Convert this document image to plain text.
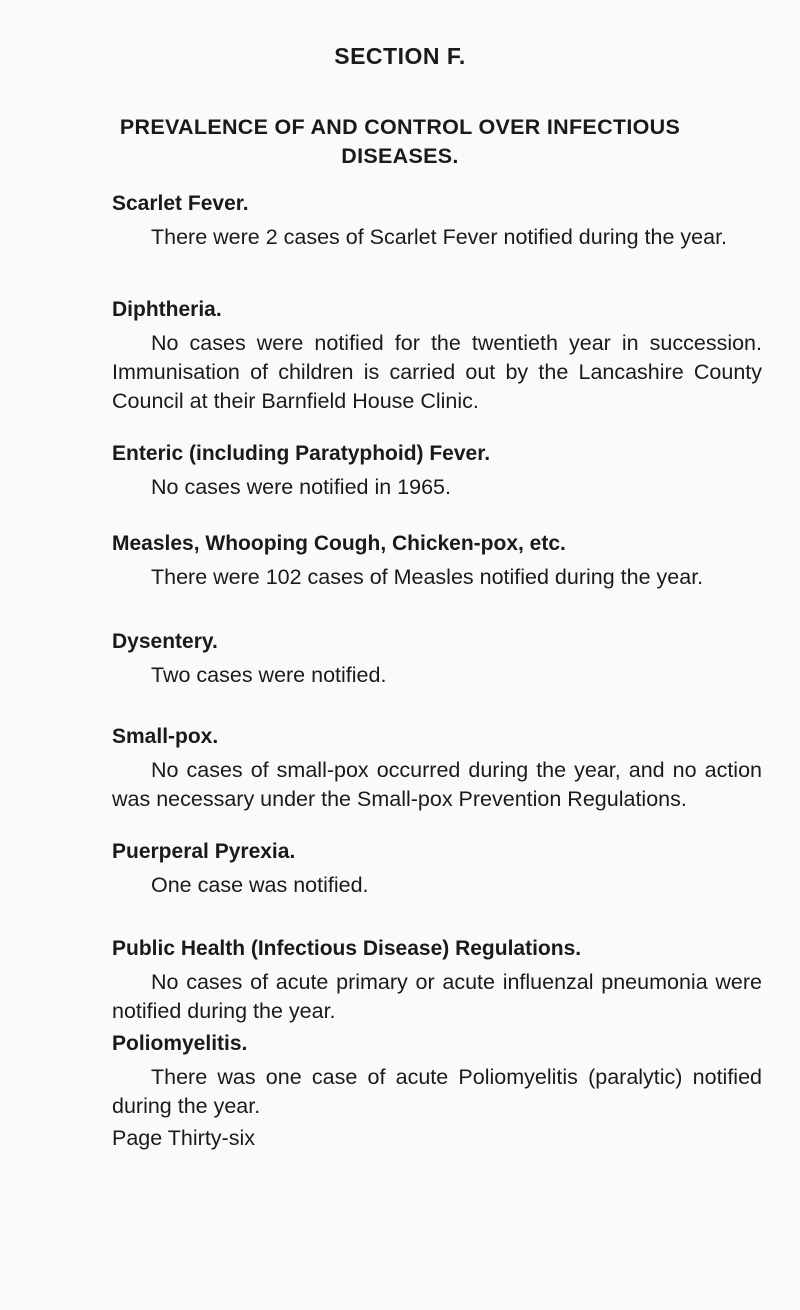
SECTION F.
PREVALENCE OF AND CONTROL OVER INFECTIOUS
DISEASES.

Scarlet Fever.

There were 2 cases of Scarlet Fever notified during the year.

Diphtheria.

No cases were notified for the twentieth year in succession. Immunisation of children is carried out by the Lancashire County Council at their Barnfield House Clinic.

Enteric (including Paratyphoid) Fever.

No cases were notified in 1965.

Measles, Whooping Cough, Chicken-pox, etc.

There were 102 cases of Measles notified during the year.

Dysentery.

Two cases were notified.

Small-pox.

No cases of small-pox occurred during the year, and no action was necessary under the Small-pox Prevention Regulations.

Puerperal Pyrexia.

One case was notified.

Public Health (Infectious Disease) Regulations.

No cases of acute primary or acute influenzal pneumonia were notified during the year.

Poliomyelitis.

There was one case of acute Poliomyelitis (paralytic) notified during the year.

Page Thirty-six
